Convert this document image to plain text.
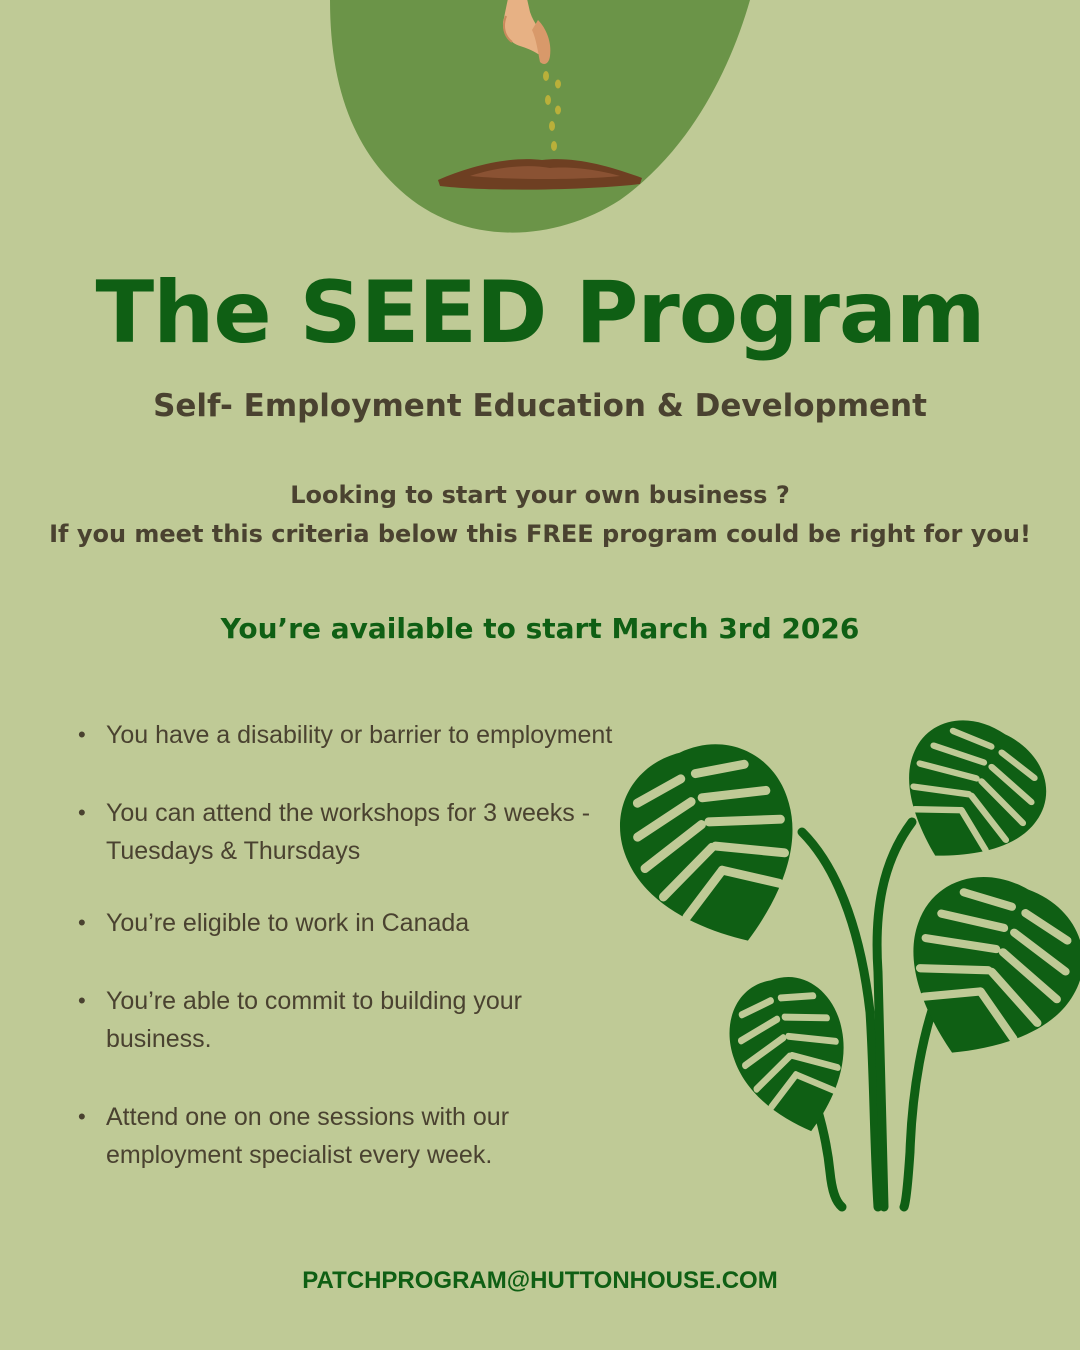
The SEED Program
Self- Employment Education & Development
Looking to start your own business ?
If you meet this criteria below this FREE program could be right for you!
You’re available to start March 3rd 2026
• You have a disability or barrier to employment
• You can attend the workshops for 3 weeks -Tuesdays & Thursdays
• You’re eligible to work in Canada
• You’re able to commit to building your business.
• Attend one on one sessions with our employment specialist every week.
PATCHPROGRAM@HUTTONHOUSE.COM
